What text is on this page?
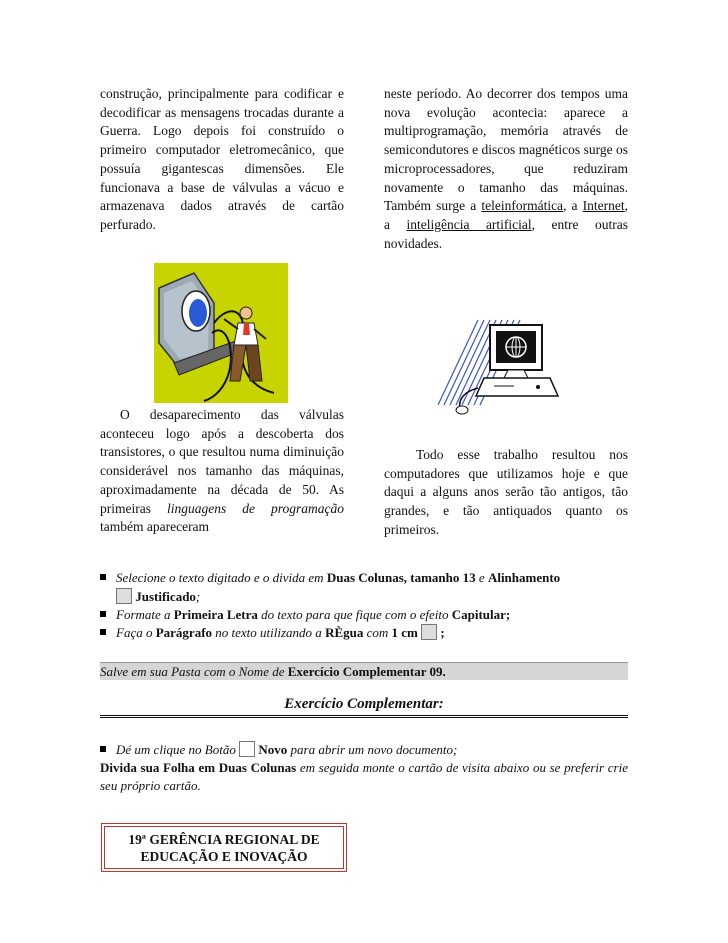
construção, principalmente para codificar e decodificar as mensagens trocadas durante a Guerra. Logo depois foi construído o primeiro computador eletromecânico, que possuía gigantescas dimensões. Ele funcionava a base de válvulas a vácuo e armazenava dados através de cartão perfurado.

O desaparecimento das válvulas aconteceu logo após a descoberta dos transistores, o que resultou numa diminuição considerável nos tamanho das máquinas, aproximadamente na década de 50. As primeiras linguagens de programação também apareceram

neste período. Ao decorrer dos tempos uma nova evolução acontecia: aparece a multiprogramação, memória através de semicondutores e discos magnéticos surge os microprocessadores, que reduziram novamente o tamanho das máquinas. Também surge a teleinformática, a Internet, a inteligência artificial, entre outras novidades.

Todo esse trabalho resultou nos computadores que utilizamos hoje e que daqui a alguns anos serão tão antigos, tão grandes, e tão antiquados quanto os primeiros.

Selecione o texto digitado e o divida em Duas Colunas, tamanho 13 e Alinhamento
Justificado;
Formate a Primeira Letra do texto para que fique com o efeito Capitular;
Faça o Parágrafo no texto utilizando a RÈgua com 1 cm ;
Salve em sua Pasta com o Nome de Exercício Complementar 09.
Exercício Complementar:
Dé um clique no Botão  Novo para abrir um novo documento;

Divida sua Folha em Duas Colunas em seguida monte o cartão de visita abaixo ou se preferir crie seu próprio cartão.

19ª GERÊNCIA REGIONAL DE
EDUCAÇÃO E INOVAÇÃO
